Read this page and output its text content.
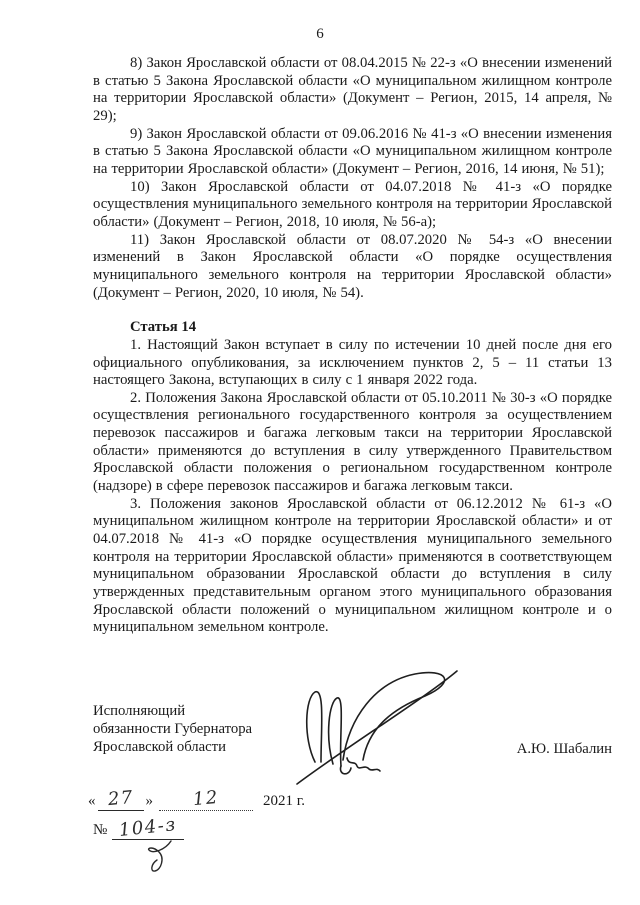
6

8) Закон Ярославской области от 08.04.2015 № 22-з «О внесении изменений в статью 5 Закона Ярославской области «О муниципальном жилищном контроле на территории Ярославской области» (Документ – Регион, 2015, 14 апреля, № 29);

9) Закон Ярославской области от 09.06.2016 № 41-з «О внесении изменения в статью 5 Закона Ярославской области «О муниципальном жилищном контроле на территории Ярославской области» (Документ – Регион, 2016, 14 июня, № 51);

10) Закон Ярославской области от 04.07.2018 № 41-з «О порядке осуществления муниципального земельного контроля на территории Ярославской области» (Документ – Регион, 2018, 10 июля, № 56-а);

11) Закон Ярославской области от 08.07.2020 № 54-з «О внесении изменений в Закон Ярославской области «О порядке осуществления муниципального земельного контроля на территории Ярославской области» (Документ – Регион, 2020, 10 июля, № 54).

Статья 14

1. Настоящий Закон вступает в силу по истечении 10 дней после дня его официального опубликования, за исключением пунктов 2, 5 – 11 статьи 13 настоящего Закона, вступающих в силу с 1 января 2022 года.

2. Положения Закона Ярославской области от 05.10.2011 № 30-з «О порядке осуществления регионального государственного контроля за осуществлением перевозок пассажиров и багажа легковым такси на территории Ярославской области» применяются до вступления в силу утвержденного Правительством Ярославской области положения о региональном государственном контроле (надзоре) в сфере перевозок пассажиров и багажа легковым такси.

3. Положения законов Ярославской области от 06.12.2012 № 61-з «О муниципальном жилищном контроле на территории Ярославской области» и от 04.07.2018 № 41-з «О порядке осуществления муниципального земельного контроля на территории Ярославской области» применяются в соответствующем муниципальном образовании Ярославской области до вступления в силу утвержденных представительным органом этого муниципального образования Ярославской области положений о муниципальном жилищном контроле и о муниципальном земельном контроле.

Исполняющий
обязанности Губернатора
Ярославской области	А.Ю. Шабалин
« 27 » 12	2021 г.
№ 104-з
